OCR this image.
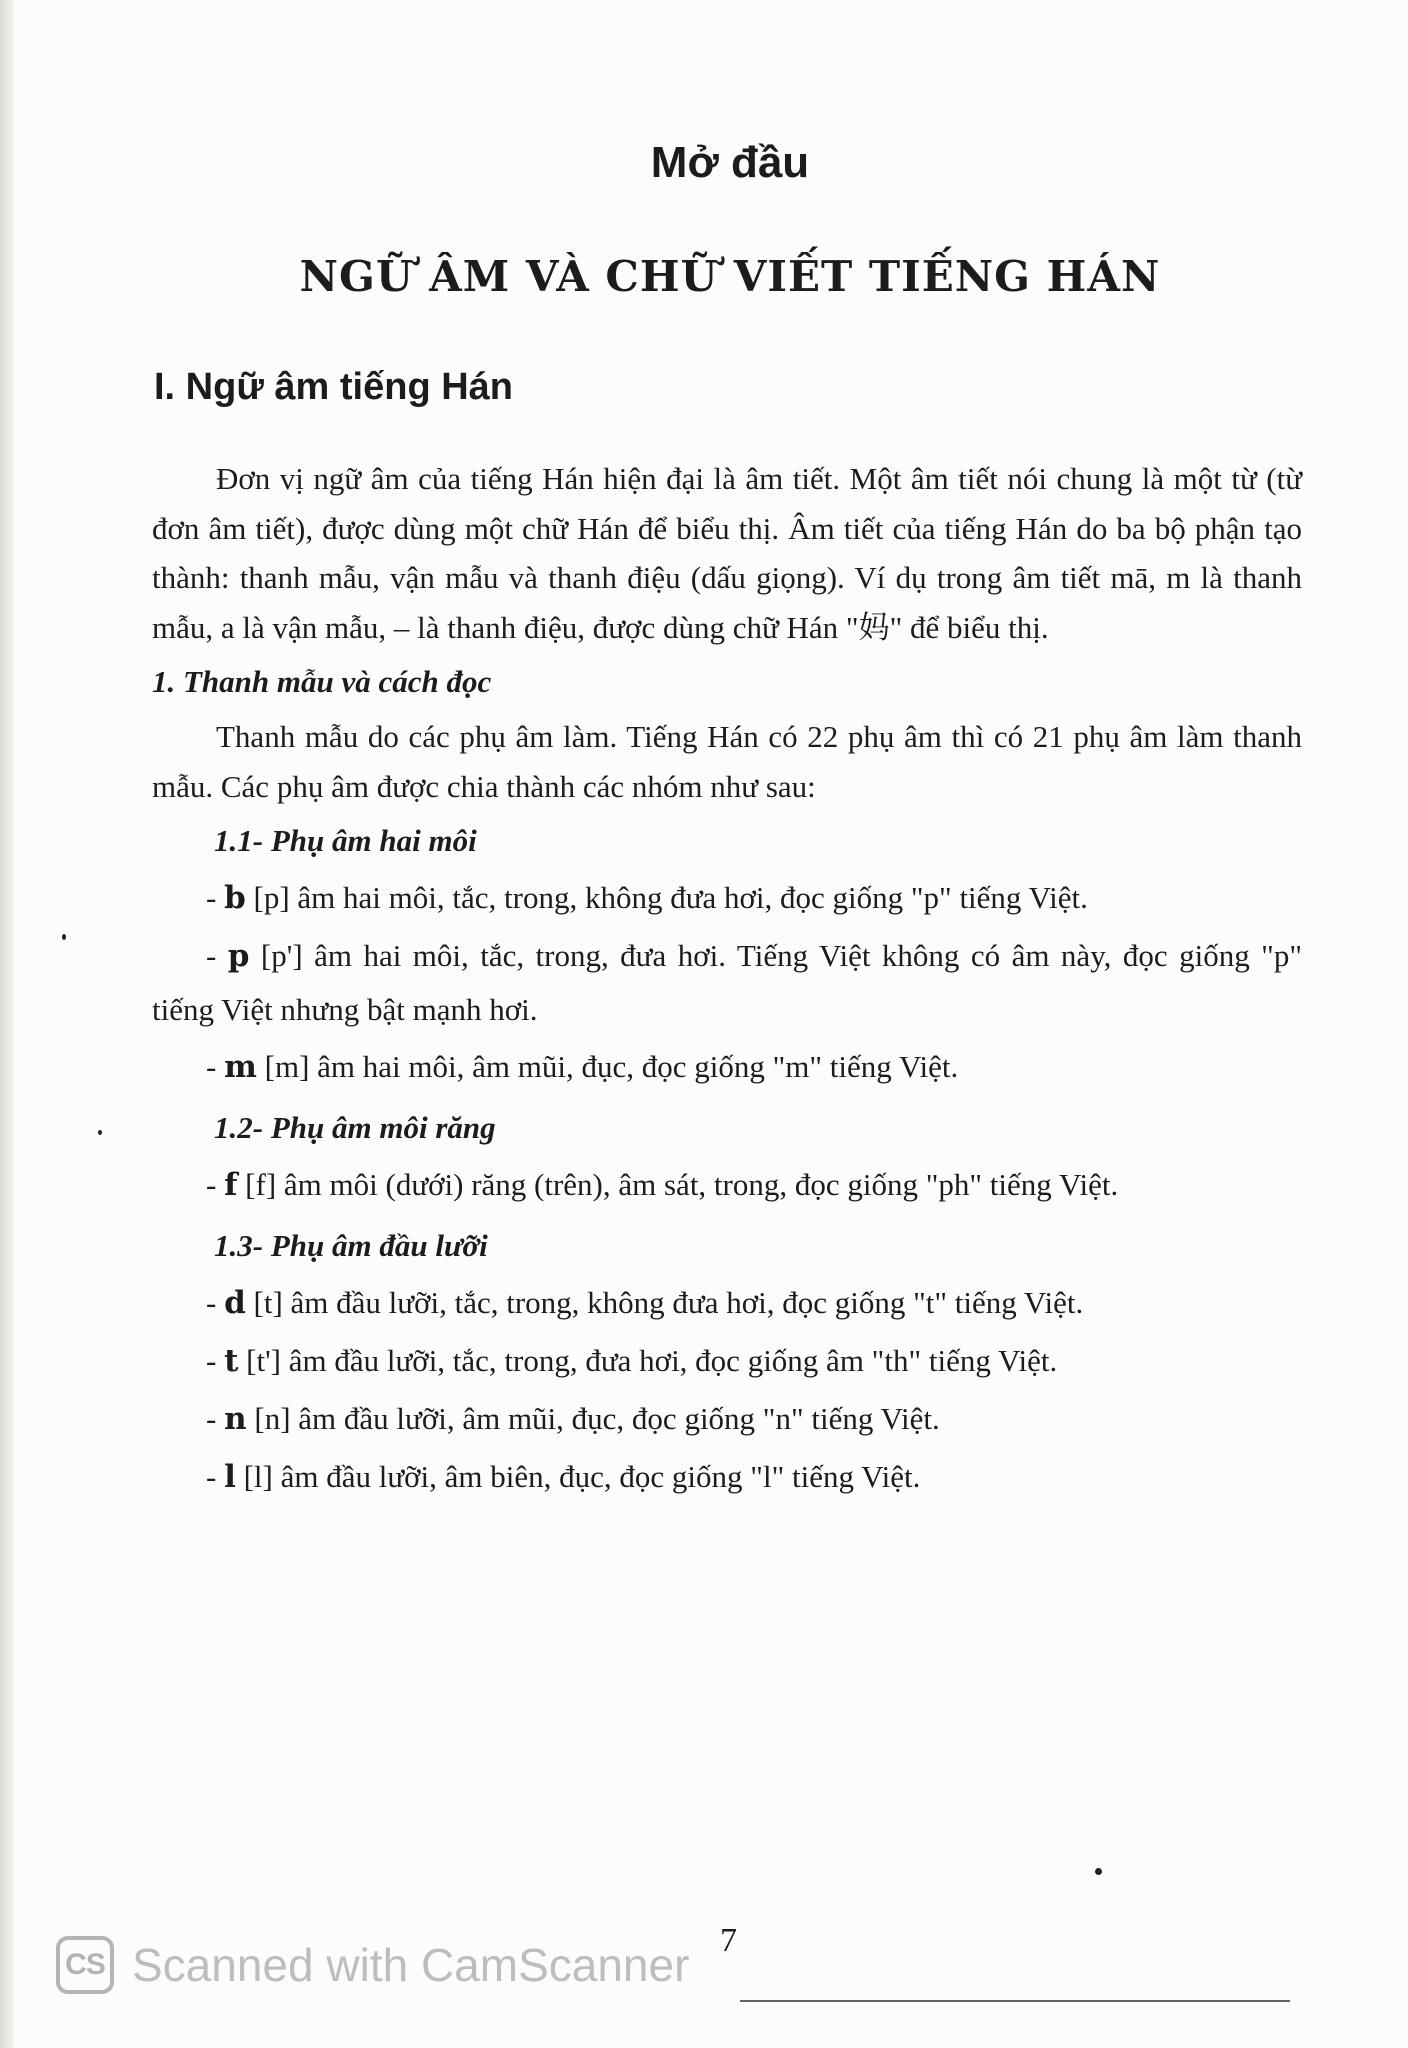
Mở đầu
NGỮ ÂM VÀ CHỮ VIẾT TIẾNG HÁN
I. Ngữ âm tiếng Hán

Đơn vị ngữ âm của tiếng Hán hiện đại là âm tiết. Một âm tiết nói chung là một từ (từ đơn âm tiết), được dùng một chữ Hán để biểu thị. Âm tiết của tiếng Hán do ba bộ phận tạo thành: thanh mẫu, vận mẫu và thanh điệu (dấu giọng). Ví dụ trong âm tiết mā, m là thanh mẫu, a là vận mẫu, – là thanh điệu, được dùng chữ Hán "妈" để biểu thị.

1. Thanh mẫu và cách đọc

Thanh mẫu do các phụ âm làm. Tiếng Hán có 22 phụ âm thì có 21 phụ âm làm thanh mẫu. Các phụ âm được chia thành các nhóm như sau:

1.1- Phụ âm hai môi

- b [p] âm hai môi, tắc, trong, không đưa hơi, đọc giống "p" tiếng Việt.

- p [p'] âm hai môi, tắc, trong, đưa hơi. Tiếng Việt không có âm này, đọc giống "p" tiếng Việt nhưng bật mạnh hơi.

- m [m] âm hai môi, âm mũi, đục, đọc giống "m" tiếng Việt.

1.2- Phụ âm môi răng

- f [f] âm môi (dưới) răng (trên), âm sát, trong, đọc giống "ph" tiếng Việt.

1.3- Phụ âm đầu lưỡi

- d [t] âm đầu lưỡi, tắc, trong, không đưa hơi, đọc giống "t" tiếng Việt.

- t [t'] âm đầu lưỡi, tắc, trong, đưa hơi, đọc giống âm "th" tiếng Việt.

- n [n] âm đầu lưỡi, âm mũi, đục, đọc giống "n" tiếng Việt.

- l [l] âm đầu lưỡi, âm biên, đục, đọc giống "l" tiếng Việt.

7
CS Scanned with CamScanner
